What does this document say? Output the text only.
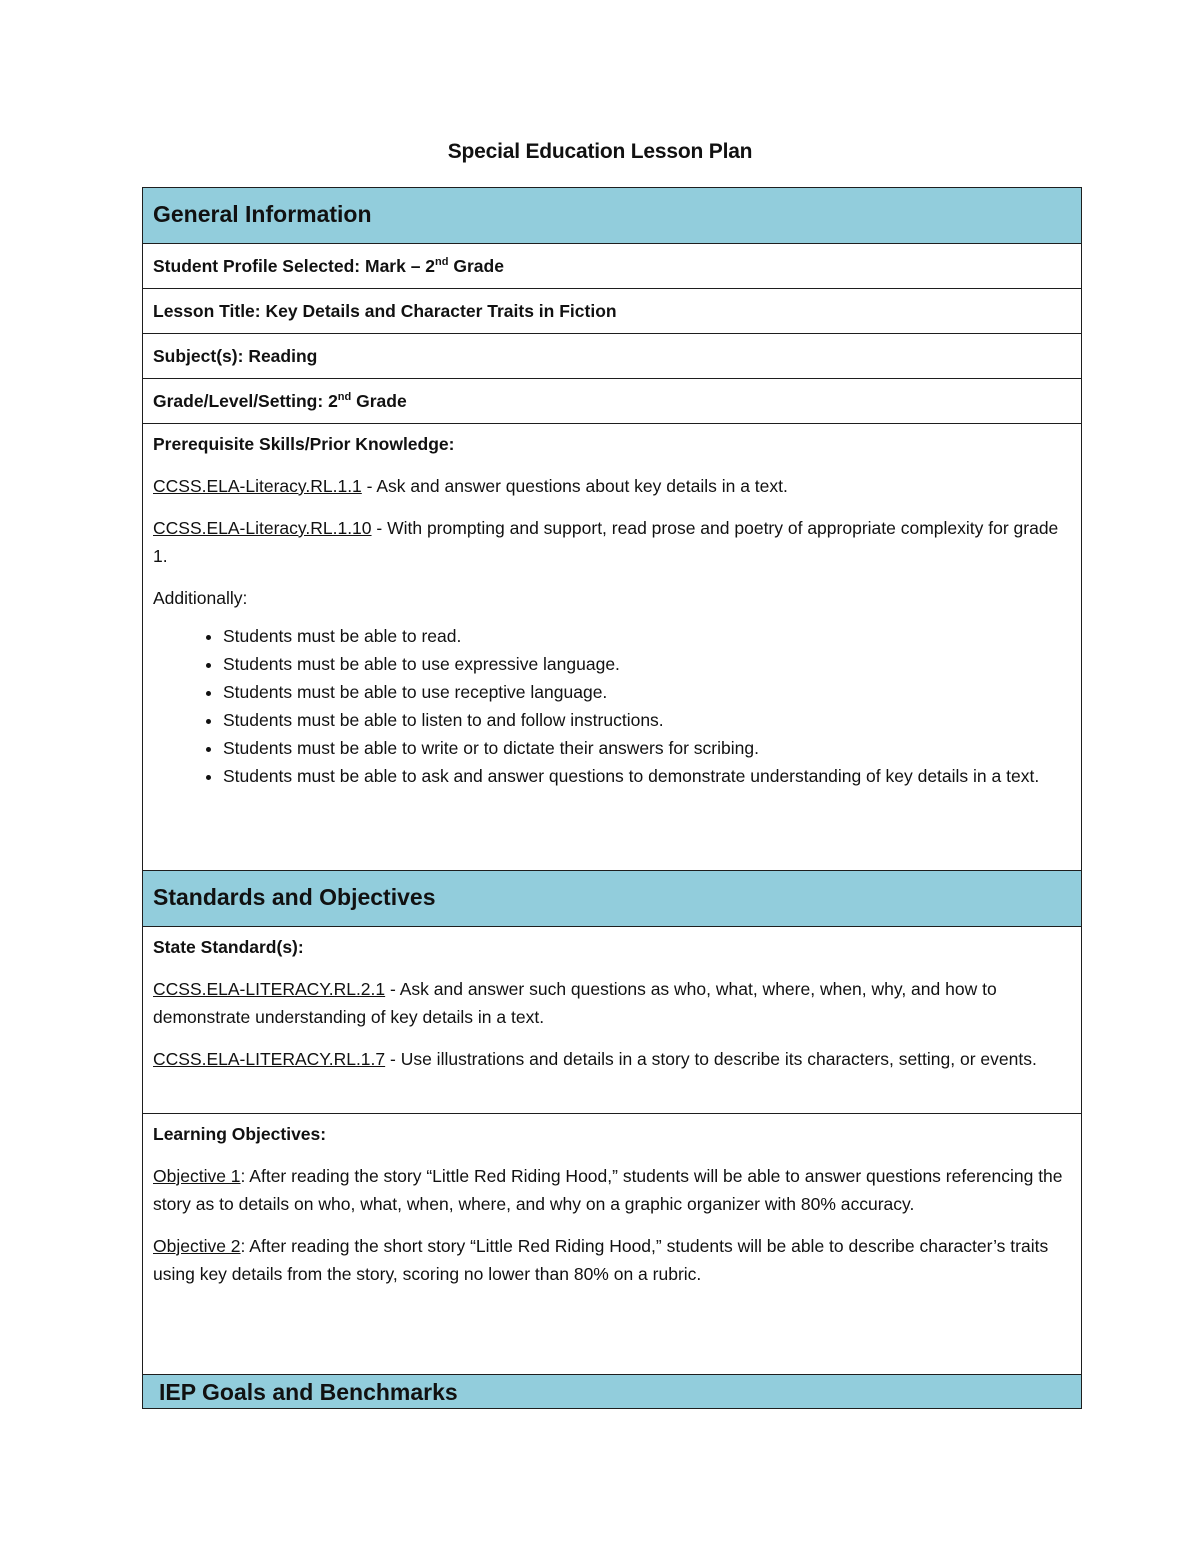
Special Education Lesson Plan
General Information
Student Profile Selected: Mark – 2nd Grade
Lesson Title: Key Details and Character Traits in Fiction
Subject(s): Reading
Grade/Level/Setting: 2nd Grade

Prerequisite Skills/Prior Knowledge:

CCSS.ELA-Literacy.RL.1.1 - Ask and answer questions about key details in a text.

CCSS.ELA-Literacy.RL.1.10 - With prompting and support, read prose and poetry of appropriate complexity for grade 1.

Additionally:

• Students must be able to read.
• Students must be able to use expressive language.
• Students must be able to use receptive language.
• Students must be able to listen to and follow instructions.
• Students must be able to write or to dictate their answers for scribing.
• Students must be able to ask and answer questions to demonstrate understanding of key details in a text.

Standards and Objectives

State Standard(s):

CCSS.ELA-LITERACY.RL.2.1 - Ask and answer such questions as who, what, where, when, why, and how to demonstrate understanding of key details in a text.

CCSS.ELA-LITERACY.RL.1.7 - Use illustrations and details in a story to describe its characters, setting, or events.

Learning Objectives:

Objective 1: After reading the story “Little Red Riding Hood,” students will be able to answer questions referencing the story as to details on who, what, when, where, and why on a graphic organizer with 80% accuracy.

Objective 2: After reading the short story “Little Red Riding Hood,” students will be able to describe character’s traits using key details from the story, scoring no lower than 80% on a rubric.

IEP Goals and Benchmarks
